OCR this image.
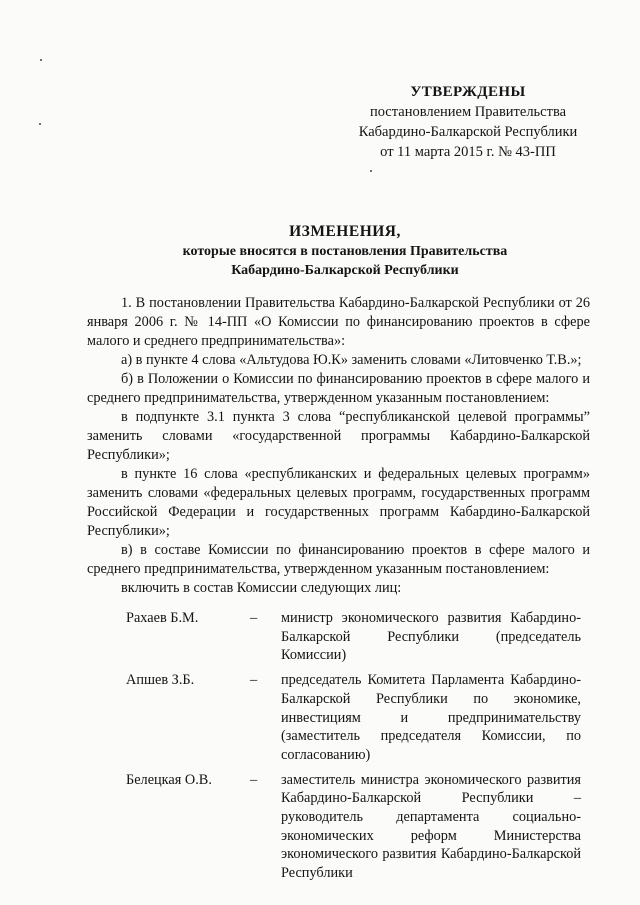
УТВЕРЖДЕНЫ
постановлением Правительства
Кабардино-Балкарской Республики
от 11 марта 2015 г. № 43-ПП
ИЗМЕНЕНИЯ,
которые вносятся в постановления Правительства
Кабардино-Балкарской Республики

1. В постановлении Правительства Кабардино-Балкарской Республики от 26 января 2006 г. № 14-ПП «О Комиссии по финансированию проектов в сфере малого и среднего предпринимательства»:

а) в пункте 4 слова «Альтудова Ю.К» заменить словами «Литовченко Т.В.»;

б) в Положении о Комиссии по финансированию проектов в сфере малого и среднего предпринимательства, утвержденном указанным постановлением:

в подпункте 3.1 пункта 3 слова “республиканской целевой программы” заменить словами «государственной программы Кабардино-Балкарской Республики»;

в пункте 16 слова «республиканских и федеральных целевых программ» заменить словами «федеральных целевых программ, государственных программ Российской Федерации и государственных программ Кабардино-Балкарской Республики»;

в) в составе Комиссии по финансированию проектов в сфере малого и среднего предпринимательства, утвержденном указанным постановлением:

включить в состав Комиссии следующих лиц:

Рахаев Б.М.	– министр экономического развития Кабардино-Балкарской Республики (председатель Комиссии)
Апшев З.Б.	– председатель Комитета Парламента Кабардино-Балкарской Республики по экономике, инвестициям и предпринимательству (заместитель председателя Комиссии, по согласованию)
Белецкая О.В.	– заместитель министра экономического развития Кабардино-Балкарской Республики – руководитель департамента социально-экономических реформ Министерства экономического развития Кабардино-Балкарской Республики
